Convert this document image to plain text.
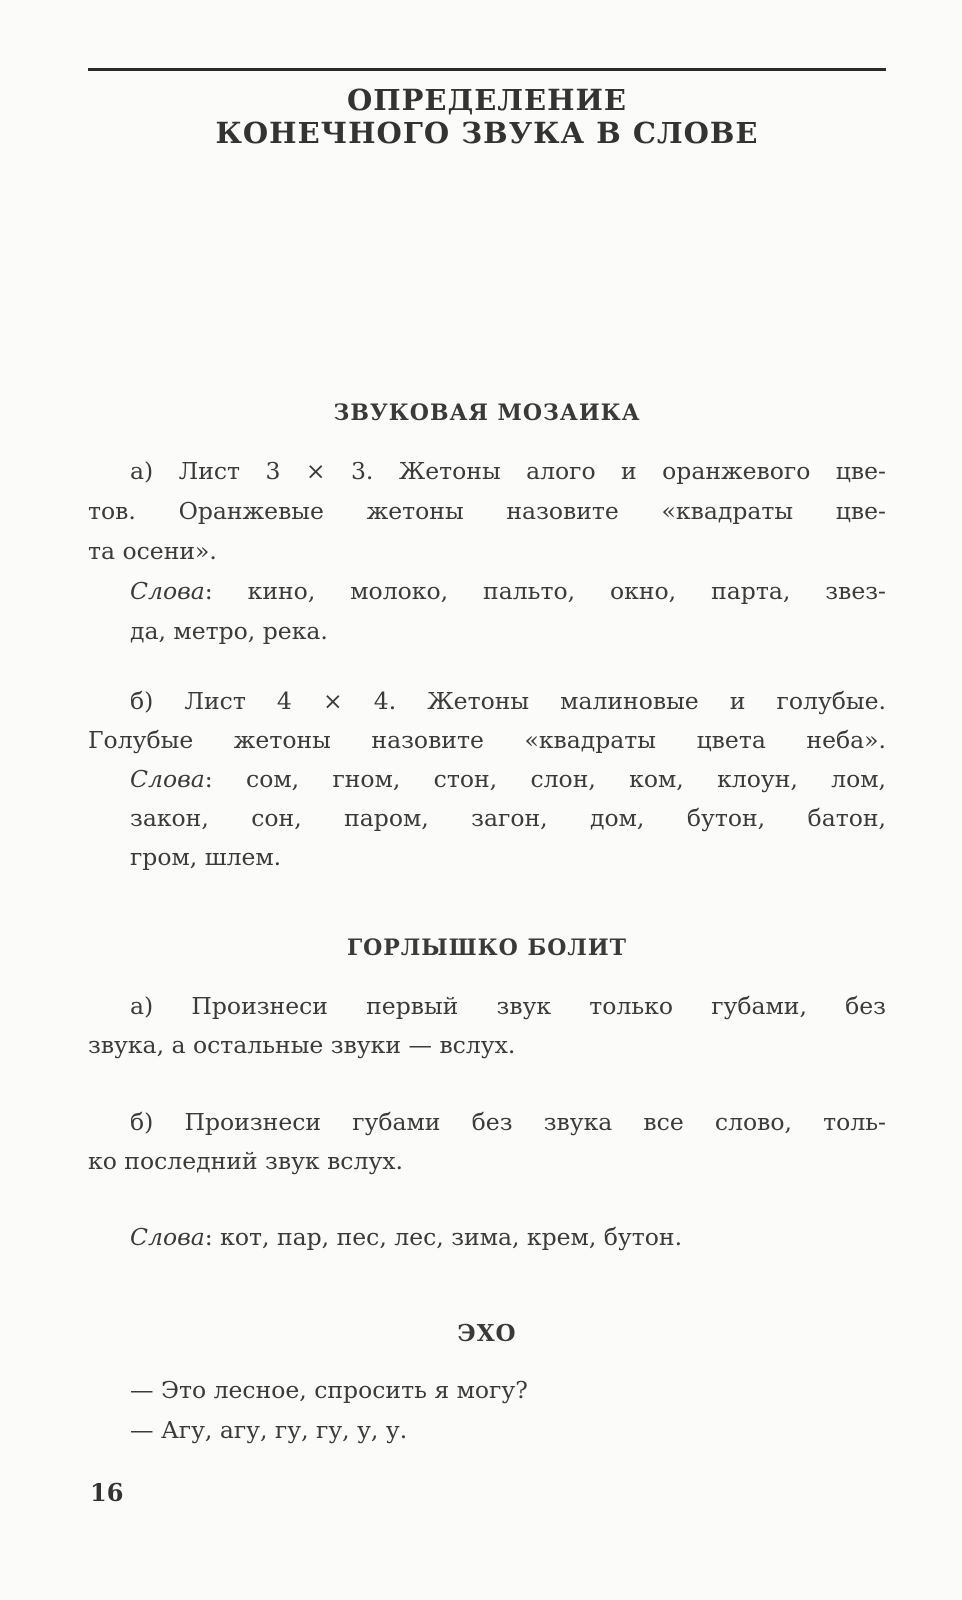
ОПРЕДЕЛЕНИЕ
КОНЕЧНОГО ЗВУКА В СЛОВЕ
ЗВУКОВАЯ МОЗАИКА
а) Лист 3 × 3. Жетоны алого и оранжевого цве-
тов. Оранжевые жетоны назовите «квадраты цве-
та осени».
Слова : кино, молоко, пальто, окно, парта, звез-
да, метро, река.
б) Лист 4 × 4. Жетоны малиновые и голубые.
Голубые жетоны назовите «квадраты цвета неба».
Слова : сом, гном, стон, слон, ком, клоун, лом,
закон, сон, паром, загон, дом, бутон, батон,
гром, шлем.
ГОРЛЫШКО БОЛИТ
а) Произнеси первый звук только губами, без
звука, а остальные звуки — вслух.
б) Произнеси губами без звука все слово, толь-
ко последний звук вслух.
Слова: кот, пар, пес, лес, зима, крем, бутон.
ЭХО
— Это лесное, спросить я могу?
— Агу, агу, гу, гу, у, у.
16
